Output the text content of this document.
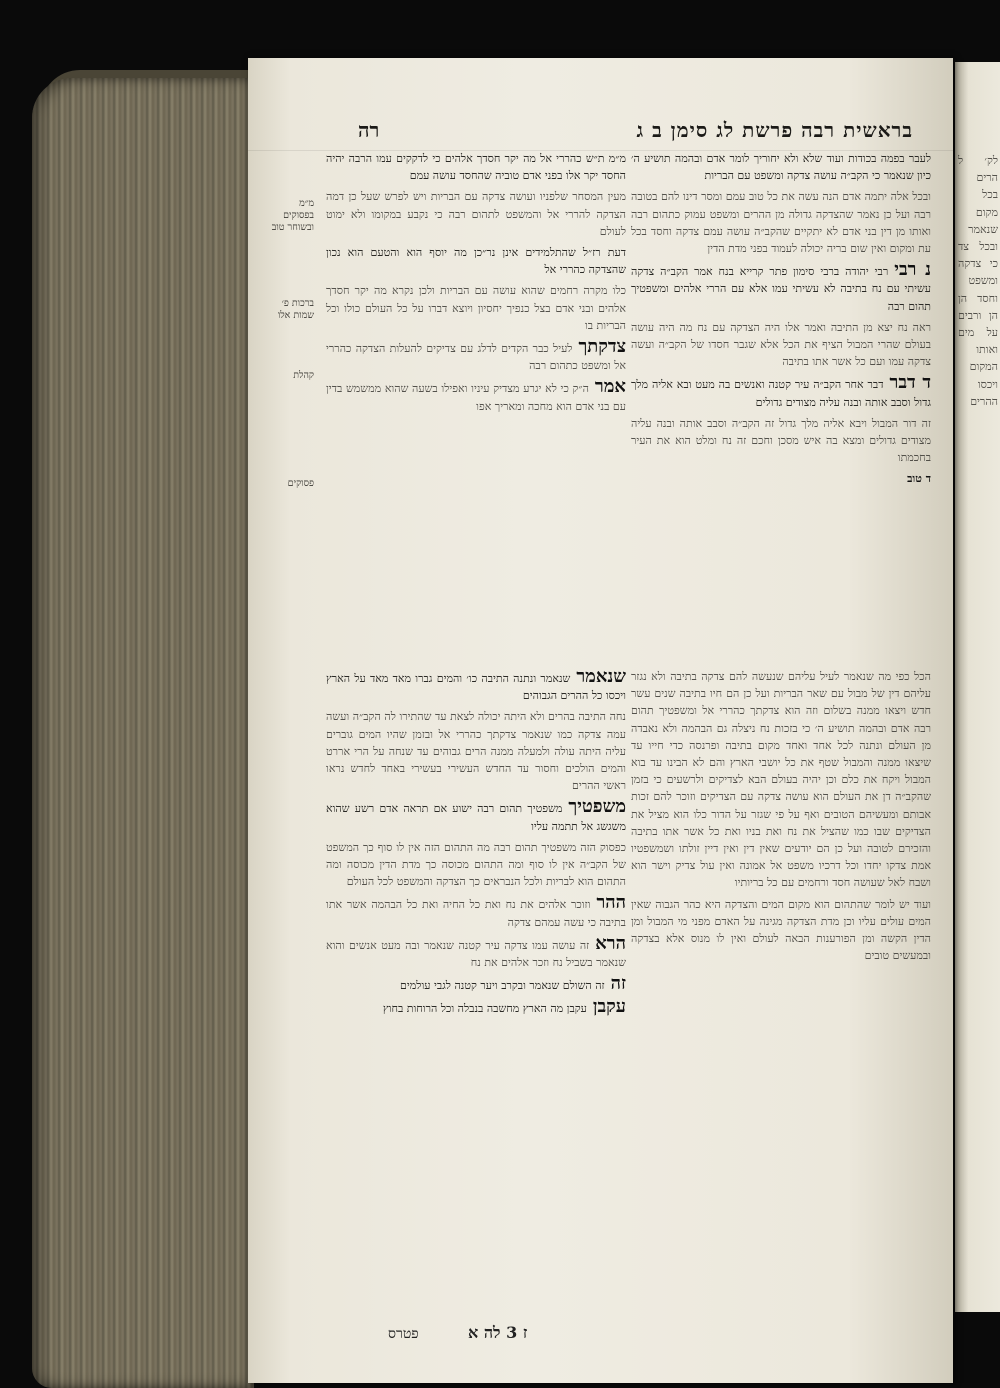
לק׳ ל הרים בכל מקום שנאמר ובכל צד כי צדקה ומשפט וחסד הן הן ורבים על מים ואותו המקום ויכסו ההרים

בראשית רבה פרשת לג סימן ב ג
רה

לעבר בפמה בכודות ועוד שלא ולא יחוריך לומר אדם ובהמה תושיע ה׳ כיון שנאמר כי הקב״ה עושה צדקה ומשפט עם הבריות

ובכל אלה יתמה אדם הנה עשה את כל טוב עמם ומסר דינו להם בטובה רבה ועל כן נאמר שהצדקה גדולה מן ההרים ומשפט עמוק כתהום רבה ואותו מן דין בני אדם לא יתקיים שהקב״ה עושה עמם צדקה וחסד בכל עת ומקום ואין שום בריה יכולה לעמוד בפני מדת הדין

נ רבירבי יהודה ברבי סימון פתר קרייא בנח אמר הקב״ה צדקה עשיתי עם נח בתיבה לא עשיתי עמו אלא עם הררי אלהים ומשפטיך תהום רבה

ראה נח יצא מן התיבה ואמר אלו היה הצדקה עם נח מה היה עושה בעולם שהרי המבול הציף את הכל אלא שגבר חסדו של הקב״ה ועשה צדקה עמו ועם כל אשר אתו בתיבה

ד דברדבר אחר הקב״ה עיר קטנה ואנשים בה מעט ובא אליה מלך גדול וסבב אותה ובנה עליה מצודים גדולים

זה דור המבול ויבא אליה מלך גדול זה הקב״ה וסבב אותה ובנה עליה מצודים גדולים ומצא בה איש מסכן וחכם זה נח ומלט הוא את העיר בחכמתו

ד טוב

מ״מ ת״ש כהררי אל מה יקר חסדך אלהים כי לדקקים עמו הרבה יהיה החסד יקר אלו בפני אדם טוביה שהחסד עושה עמם

מעין המסחר שלפניו ועושה צדקה עם הבריות ויש לפרש שעל כן דמה הצדקה להררי אל והמשפט לתהום רבה כי נקבע במקומו ולא ימוט לעולם

דעת רז״ל שהתלמידים אינן נר״כן מה יוסף הוא והטעם הוא נכון שהצדקה כהררי אל

כלו מקרה רחמים שהוא עושה עם הבריות ולכן נקרא מה יקר חסדך אלהים ובני אדם בצל כנפיך יחסיון ויוצא דברו על כל העולם כולו וכל הבריות בו

צדקתךלעיל כבר הקדים לדלג עם צדיקים להעלות הצדקה כהררי אל ומשפט כתהום רבה

אמרה״ק כי לא יגרע מצדיק עיניו ואפילו בשעה שהוא ממשמש בדין עם בני אדם הוא מחכה ומאריך אפו

מ״מ בפסוקים ובשוחר טוב
ברכות פ׳ שמות אלו
קהלת
פסוקים

שנאמרשנאמר ונתנה התיבה כו׳ והמים גברו מאד מאד על הארץ ויכסו כל ההרים הגבוהים

נחה התיבה בהרים ולא היתה יכולה לצאת עד שהתירו לה הקב״ה ועשה עמה צדקה כמו שנאמר צדקתך כהררי אל ובזמן שהיו המים גוברים עליה היתה עולה ולמעלה ממנה הרים גבוהים עד שנחה על הרי אררט והמים הולכים וחסור עד החדש העשירי בעשירי באחד לחדש נראו ראשי ההרים

משפטיךמשפטיך תהום רבה ישוע אם תראה אדם רשע שהוא משגשג אל תתמה עליו

כפסוק הזה משפטיך תהום רבה מה התהום הזה אין לו סוף כך המשפט של הקב״ה אין לו סוף ומה התהום מכוסה כך מדת הדין מכוסה ומה התהום הוא לבריות ולכל הנבראים כך הצדקה והמשפט לכל העולם

ההרוזוכר אלהים את נח ואת כל החיה ואת כל הבהמה אשר אתו בתיבה כי עשה עמהם צדקה

הראזה עושה עמו צדקה עיר קטנה שנאמר ובה מעט אנשים והוא שנאמר בשביל נח וזכר אלהים את נח

זהזה השולם שנאמר ובקרב ויער קטנה לגבי עולמים

עקבןעקבן מה הארץ מחשבה בנבלה וכל הרוחות בחוץ

הכל כפי מה שנאמר לעיל עליהם שנעשה להם צדקה בתיבה ולא נגזר עליהם דין של מבול עם שאר הבריות ועל כן הם חיו בתיבה שנים עשר חדש ויצאו ממנה בשלום וזה הוא צדקתך כהררי אל ומשפטיך תהום רבה אדם ובהמה תושיע ה׳ כי בזכות נח ניצלה גם הבהמה ולא נאבדה מן העולם ונתנה לכל אחד ואחד מקום בתיבה ופרנסה כדי חייו עד שיצאו ממנה והמבול שטף את כל יושבי הארץ והם לא הבינו עד בוא המבול ויקח את כלם וכן יהיה בעולם הבא לצדיקים ולרשעים כי בזמן שהקב״ה דן את העולם הוא עושה צדקה עם הצדיקים וזוכר להם זכות אבותם ומעשיהם הטובים ואף על פי שגזר על הדור כלו הוא מציל את הצדיקים שבו כמו שהציל את נח ואת בניו ואת כל אשר אתו בתיבה והזכירם לטובה ועל כן הם יודעים שאין דין ואין דיין זולתו ושמשפטיו אמת צדקו יחדו וכל דרכיו משפט אל אמונה ואין עול צדיק וישר הוא ושבח לאל שעושה חסד ורחמים עם כל בריותיו

ועוד יש לומר שהתהום הוא מקום המים והצדקה היא כהר הגבוה שאין המים עולים עליו וכן מדת הצדקה מגינה על האדם מפני מי המבול ומן הדין הקשה ומן הפורענות הבאה לעולם ואין לו מנוס אלא בצדקה ובמעשים טובים

פטרס	ז 3 לה א
